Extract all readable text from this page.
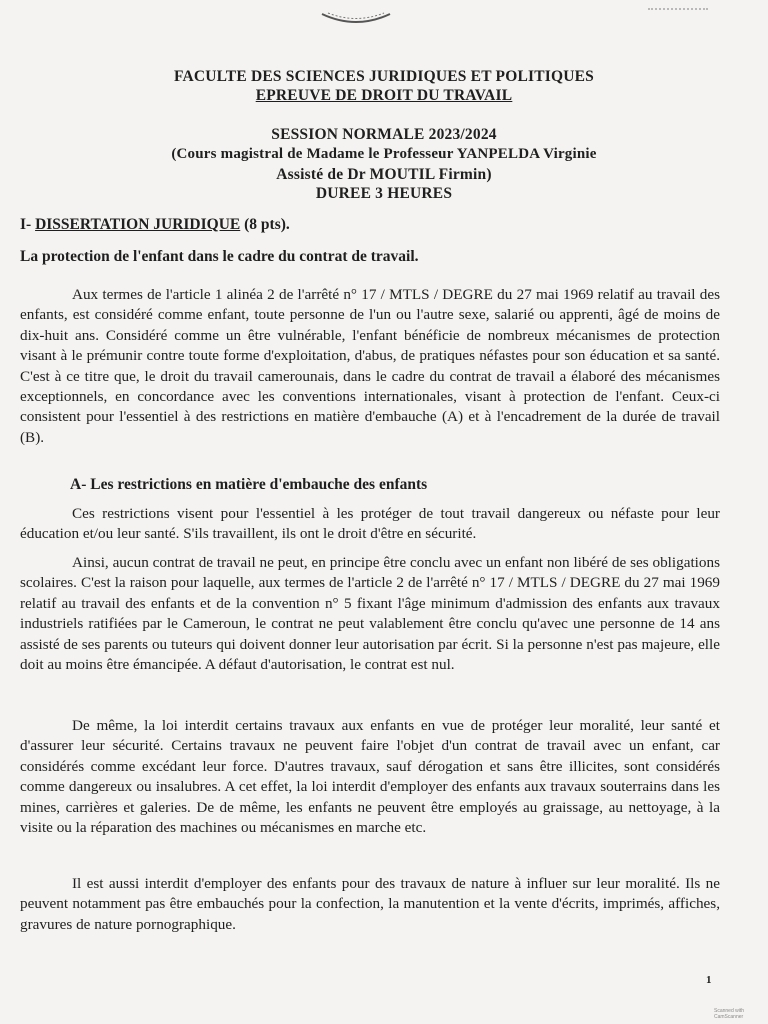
FACULTE DES SCIENCES JURIDIQUES ET POLITIQUES
EPREUVE DE DROIT DU TRAVAIL
SESSION NORMALE 2023/2024
(Cours magistral de Madame le Professeur YANPELDA Virginie
Assisté de Dr MOUTIL Firmin)
DUREE 3 HEURES
I- DISSERTATION JURIDIQUE (8 pts).
La protection de l'enfant dans le cadre du contrat de travail.

Aux termes de l'article 1 alinéa 2 de l'arrêté n° 17 / MTLS / DEGRE du 27 mai 1969 relatif au travail des enfants, est considéré comme enfant, toute personne de l'un ou l'autre sexe, salarié ou apprenti, âgé de moins de dix-huit ans. Considéré comme un être vulnérable, l'enfant bénéficie de nombreux mécanismes de protection visant à le prémunir contre toute forme d'exploitation, d'abus, de pratiques néfastes pour son éducation et sa santé. C'est à ce titre que, le droit du travail camerounais, dans le cadre du contrat de travail a élaboré des mécanismes exceptionnels, en concordance avec les conventions internationales, visant à protection de l'enfant. Ceux-ci consistent pour l'essentiel à des restrictions en matière d'embauche (A) et à l'encadrement de la durée de travail (B).

A- Les restrictions en matière d'embauche des enfants

Ces restrictions visent pour l'essentiel à les protéger de tout travail dangereux ou néfaste pour leur éducation et/ou leur santé. S'ils travaillent, ils ont le droit d'être en sécurité.

Ainsi, aucun contrat de travail ne peut, en principe être conclu avec un enfant non libéré de ses obligations scolaires. C'est la raison pour laquelle, aux termes de l'article 2 de l'arrêté n° 17 / MTLS / DEGRE du 27 mai 1969 relatif au travail des enfants et de la convention n° 5 fixant l'âge minimum d'admission des enfants aux travaux industriels ratifiées par le Cameroun, le contrat ne peut valablement être conclu qu'avec une personne de 14 ans assisté de ses parents ou tuteurs qui doivent donner leur autorisation par écrit. Si la personne n'est pas majeure, elle doit au moins être émancipée. A défaut d'autorisation, le contrat est nul.

De même, la loi interdit certains travaux aux enfants en vue de protéger leur moralité, leur santé et d'assurer leur sécurité. Certains travaux ne peuvent faire l'objet d'un contrat de travail avec un enfant, car considérés comme excédant leur force. D'autres travaux, sauf dérogation et sans être illicites, sont considérés comme dangereux ou insalubres. A cet effet, la loi interdit d'employer des enfants aux travaux souterrains dans les mines, carrières et galeries. De de même, les enfants ne peuvent être employés au graissage, au nettoyage, à la visite ou la réparation des machines ou mécanismes en marche etc.

Il est aussi interdit d'employer des enfants pour des travaux de nature à influer sur leur moralité. Ils ne peuvent notamment pas être embauchés pour la confection, la manutention et la vente d'écrits, imprimés, affiches, gravures de nature pornographique.

1
Scanned with CamScanner
